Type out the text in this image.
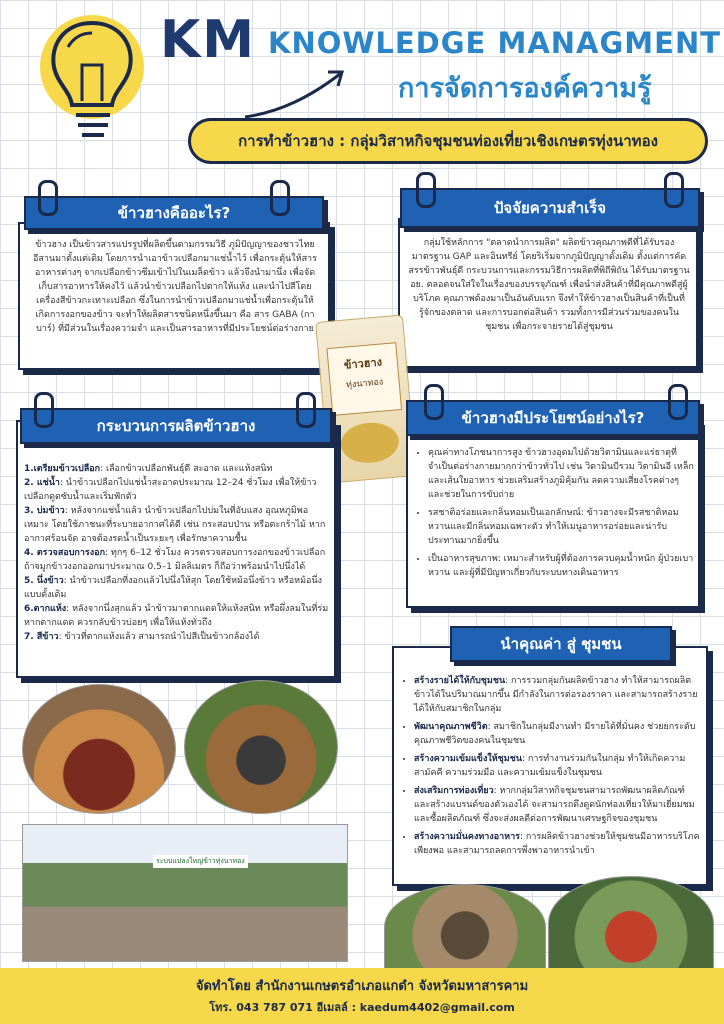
KM KNOWLEDGE MANAGMENT
การจัดการองค์ความรู้
การทำข้าวฮาง : กลุ่มวิสาหกิจชุมชนท่องเที่ยวเชิงเกษตรทุ่งนาทอง
ข้าวฮางคืออะไร?
ข้าวฮาง เป็นข้าวสารแปรรูปที่ผลิตขึ้นตามกรรมวิธี ภูมิปัญญาของชาวไทยอีสานมาตั้งแต่เดิม โดยการนำเอาข้าวเปลือกมาแช่น้ำไว้ เพื่อกระตุ้นให้สารอาหารต่างๆ จากเปลือกข้าวซึมเข้าไปในเมล็ดข้าว แล้วจึงนำมานึ่ง เพื่อจัดเก็บสารอาหารให้คงไว้ แล้วนำข้าวเปลือกไปตากให้แห้ง และนำไปสีโดยเครื่องสีข้าวกะเทาะเปลือก ซึ่งในการนำข้าวเปลือกมาแช่น้ำเพื่อกระตุ้นให้เกิดการงอกของข้าว จะทำให้ผลิตสารชนิดหนึ่งขึ้นมา คือ สาร GABA (กาบาร์) ที่มีส่วนในเรื่องความจำ และเป็นสารอาหารที่มีประโยชน์ต่อร่างกาย
ปัจจัยความสำเร็จ
กลุ่มใช้หลักการ "ตลาดนำการผลิต" ผลิตข้าวคุณภาพดีที่ได้รับรองมาตรฐาน GAP และอินทรีย์ โดยริเริ่มจากภูมิปัญญาดั้งเดิม ตั้งแต่การคัดสรรข้าวพันธุ์ดี กระบวนการและกรรมวิธีการผลิตที่พิถีพิถัน ได้รับมาตรฐาน อย. ตลอดจนใส่ใจในเรื่องของบรรจุภัณฑ์ เพื่อนำส่งสินค้าที่มีคุณภาพดีสู่ผู้บริโภค คุณภาพต้องมาเป็นอันดับแรก จึงทำให้ข้าวฮางเป็นสินค้าที่เป็นที่รู้จักของตลาด และการบอกต่อสินค้า รวมทั้งการมีส่วนร่วมของคนในชุมชน เพื่อกระจายรายได้สู่ชุมชน
ข้าวฮาง
ทุ่งนาทอง
กระบวนการผลิตข้าวฮาง
1.เตรียมข้าวเปลือก: เลือกข้าวเปลือกพันธุ์ดี สะอาด และแห้งสนิท
2. แช่น้ำ: นำข้าวเปลือกไปแช่น้ำสะอาดประมาณ 12–24 ชั่วโมง เพื่อให้ข้าวเปลือกดูดซับน้ำและเริ่มฟักตัว
3. บ่มข้าว: หลังจากแช่น้ำแล้ว นำข้าวเปลือกไปบ่มในที่อับแสง อุณหภูมิพอเหมาะ โดยใช้ภาชนะที่ระบายอากาศได้ดี เช่น กระสอบป่าน หรือตะกร้าไม้ หากอากาศร้อนจัด อาจต้องรดน้ำเป็นระยะๆ เพื่อรักษาความชื้น
4. ตรวจสอบการงอก: ทุกๆ 6–12 ชั่วโมง ควรตรวจสอบการงอกของข้าวเปลือก ถ้าจมูกข้าวงอกออกมาประมาณ 0.5–1 มิลลิเมตร ก็ถือว่าพร้อมนำไปนึ่งได้
5. นึ่งข้าว: นำข้าวเปลือกที่งอกแล้วไปนึ่งให้สุก โดยใช้หม้อนึ่งข้าว หรือหม้อนึ่งแบบดั้งเดิม
6.ตากแห้ง: หลังจากนึ่งสุกแล้ว นำข้าวมาตากแดดให้แห้งสนิท หรือผึ่งลมในที่ร่ม หากตากแดด ควรกลับข้าวบ่อยๆ เพื่อให้แห้งทั่วถึง
7. สีข้าว: ข้าวที่ตากแห้งแล้ว สามารถนำไปสีเป็นข้าวกล้องได้
ข้าวฮางมีประโยชน์อย่างไร?
• คุณค่าทางโภชนาการสูง ข้าวฮางอุดมไปด้วยวิตามินและแร่ธาตุที่จำเป็นต่อร่างกายมากกว่าข้าวทั่วไป เช่น วิตามินบีรวม วิตามินอี เหล็ก และเส้นใยอาหาร ช่วยเสริมสร้างภูมิคุ้มกัน ลดความเสี่ยงโรคต่างๆ และช่วยในการขับถ่าย
• รสชาติอร่อยและกลิ่นหอมเป็นเอกลักษณ์: ข้าวฮางจะมีรสชาติหอมหวานและมีกลิ่นหอมเฉพาะตัว ทำให้เมนูอาหารอร่อยและน่ารับประทานมากยิ่งขึ้น
• เป็นอาหารสุขภาพ: เหมาะสำหรับผู้ที่ต้องการควบคุมน้ำหนัก ผู้ป่วยเบาหวาน และผู้ที่มีปัญหาเกี่ยวกับระบบทางเดินอาหาร
นำคุณค่า สู่ ชุมชน
• สร้างรายได้ให้กับชุมชน: การรวมกลุ่มกันผลิตข้าวฮาง ทำให้สามารถผลิตข้าวได้ในปริมาณมากขึ้น มีกำลังในการต่อรองราคา และสามารถสร้างรายได้ให้กับสมาชิกในกลุ่ม
• พัฒนาคุณภาพชีวิต: สมาชิกในกลุ่มมีงานทำ มีรายได้ที่มั่นคง ช่วยยกระดับคุณภาพชีวิตของคนในชุมชน
• สร้างความเข้มแข็งให้ชุมชน: การทำงานร่วมกันในกลุ่ม ทำให้เกิดความสามัคคี ความร่วมมือ และความเข้มแข็งในชุมชน
• ส่งเสริมการท่องเที่ยว: หากกลุ่มวิสาหกิจชุมชนสามารถพัฒนาผลิตภัณฑ์และสร้างแบรนด์ของตัวเองได้ จะสามารถดึงดูดนักท่องเที่ยวให้มาเยี่ยมชมและซื้อผลิตภัณฑ์ ซึ่งจะส่งผลดีต่อการพัฒนาเศรษฐกิจของชุมชน
• สร้างความมั่นคงทางอาหาร: การผลิตข้าวฮางช่วยให้ชุมชนมีอาหารบริโภคเพียงพอ และสามารถลดการพึ่งพาอาหารนำเข้า
ระบบแปลงใหญ่ข้าวทุ่งนาทอง
จัดทำโดย สำนักงานเกษตรอำเภอแกดำ จังหวัดมหาสารคาม
โทร. 043 787 071 อีเมลล์ : kaedum4402@gmail.com
